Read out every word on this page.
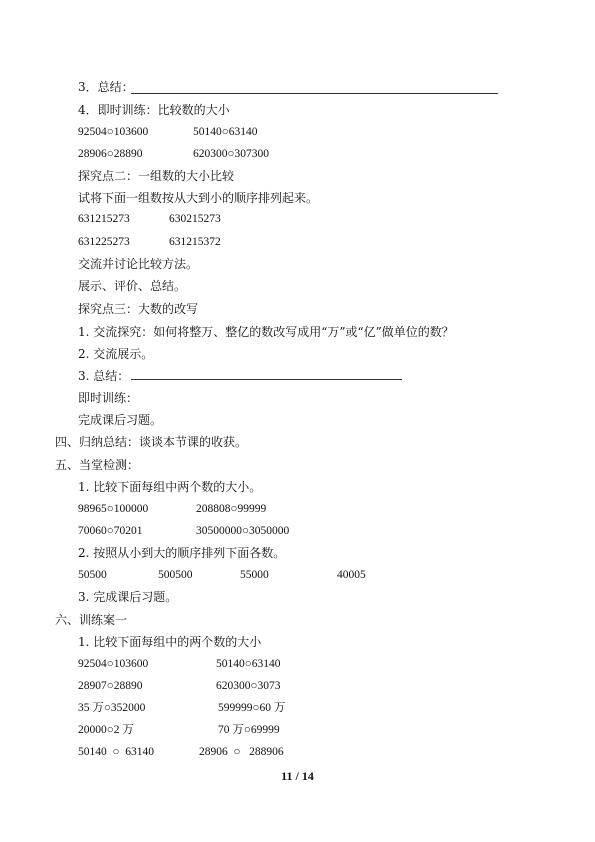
3．总结：
4．即时训练：比较数的大小
92504○103600	50140○63140
28906○28890	620300○307300
探究点二：一组数的大小比较
试将下面一组数按从大到小的顺序排列起来。
631215273	630215273
631225273	631215372
交流并讨论比较方法。
展示、评价、总结。
探究点三：大数的改写
1. 交流探究：如何将整万、整亿的数改写成用“万”或“亿”做单位的数？
2. 交流展示。
3. 总结：
即时训练：
完成课后习题。
四、归纳总结：谈谈本节课的收获。
五、当堂检测：
1. 比较下面每组中两个数的大小。
98965○100000	208808○99999
70060○70201	30500000○3050000
2. 按照从小到大的顺序排列下面各数。
50500	500500	55000	40005
3. 完成课后习题。
六、训练案一
1. 比较下面每组中的两个数的大小
92504○103600	50140○63140
28907○28890	620300○3073
35 万○352000	599999○60 万
20000○2 万	70 万○69999
50140  ○  63140	28906  ○   288906
11 / 14
